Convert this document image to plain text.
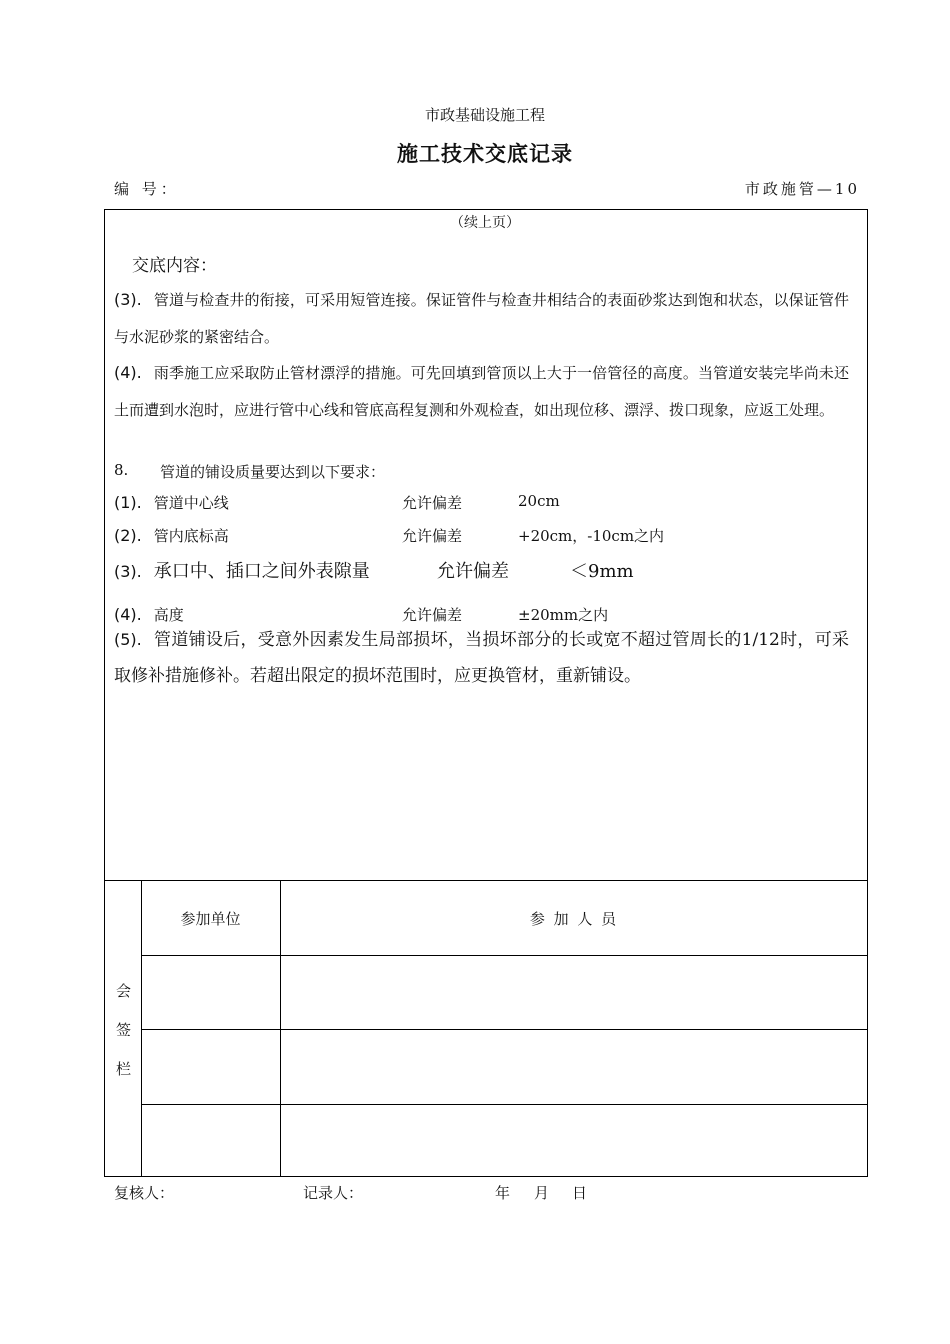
市政基础设施工程
施工技术交底记录
编 号：	市政施管—10
（续上页）
交底内容：
(3). 管道与检查井的衔接，可采用短管连接。保证管件与检查井相结合的表面砂浆达到饱和状态，以保证管件与水泥砂浆的紧密结合。
(4). 雨季施工应采取防止管材漂浮的措施。可先回填到管顶以上大于一倍管径的高度。当管道安装完毕尚未还土而遭到水泡时，应进行管中心线和管底高程复测和外观检查，如出现位移、漂浮、拨口现象，应返工处理。
8. 管道的铺设质量要达到以下要求：
(1). 管道中心线	允许偏差	20cm
(2). 管内底标高	允许偏差	+20cm，-10cm之内
(3). 承口中、插口之间外表隙量	允许偏差	＜9mm
(4). 高度	允许偏差	±20mm之内
(5). 管道铺设后，受意外因素发生局部损坏，当损坏部分的长或宽不超过管周长的1/12时，可采取修补措施修补。若超出限定的损坏范围时，应更换管材，重新铺设。
会
签
栏
参加单位	参 加 人 员
复核人：	记录人：	年 月 日
